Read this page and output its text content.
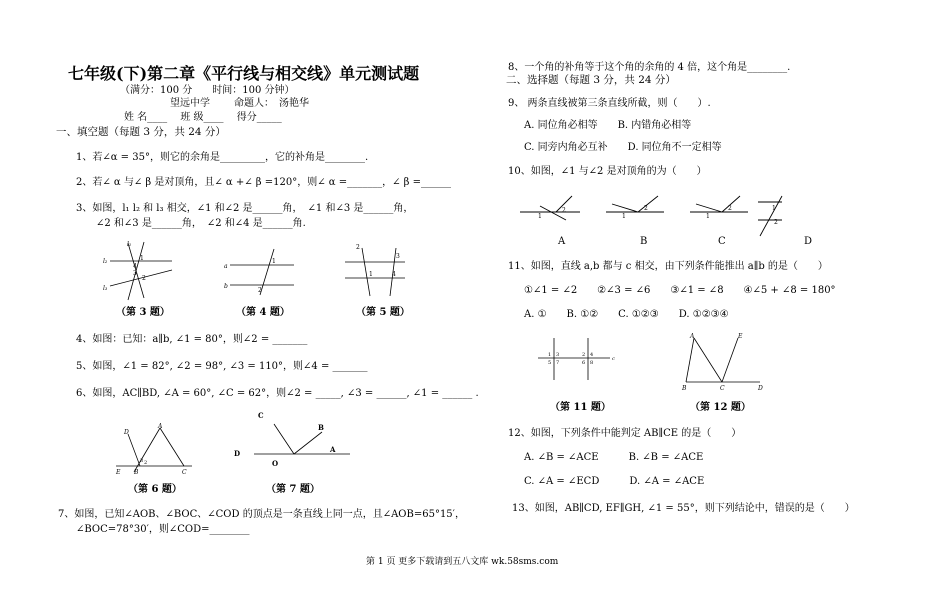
七年级(下)第二章《平行线与相交线》单元测试题
（满分：100 分　　时间：100 分钟）
望远中学 命题人：　汤艳华
姓 名____　 班 级____　 得分_____
一、填空题（每题 3 分，共 24 分）
1、若∠α = 35°，则它的余角是_________，它的补角是________.
2、若∠ α 与∠ β 是对顶角，且∠ α +∠ β =120°，则∠ α =_______，∠ β =______
3、如图，l₁ l₂ 和 l₃ 相交，∠1 和∠2 是______角，　∠1 和∠3 是______角，
∠2 和∠3 是______角，　∠2 和∠4 是______角.
l₁
l₂
l₃
4
1
3
2
（第 3 题）
a
b
1
2
（第 4 题）
2
3
1	4
（第 5 题）
4、如图：已知：a∥b, ∠1 = 80°，则∠2 = _______
5、如图，∠1 = 82°, ∠2 = 98°, ∠3 = 110°，则∠4 = _______
6、如图，AC∥BD, ∠A = 60°, ∠C = 62°，则∠2 = _____, ∠3 = ______, ∠1 = ______ .
D
A
E B	C
3 2
（第 6 题）
C
B
A
D
O
（第 7 题）
7、如图，已知∠AOB、∠BOC、∠COD 的顶点是一条直线上同一点，且∠AOB=65°15′，
∠BOC=78°30′，则∠COD=________
8、一个角的补角等于这个角的余角的 4 倍，这个角是________.
二、选择题（每题 3 分，共 24 分）
9、 两条直线被第三条直线所截，则（　　）.
A. 同位角必相等　　B. 内错角必相等
C. 同旁内角必互补　　D. 同位角不一定相等
10、如图，∠1 与∠2 是对顶角的为（　　）
1
2
1
2
1
2	1
2
A	B	C	D
11、如图，直线 a,b 都与 c 相交，由下列条件能推出 a∥b 的是（　　）
①∠1 = ∠2　　②∠3 = ∠6　　③∠1 = ∠8　　④∠5 + ∠8 = 180°
A. ①　　B. ①②　　C. ①②③　　D. ①②③④
1 3
5 7
2 4
6 8
c
（第 11 题）
A	E
B	C	D
（第 12 题）
12、如图，下列条件中能判定 AB∥CE 的是（　　）
A. ∠B = ∠ACE　　　B. ∠B = ∠ACE
C. ∠A = ∠ECD　　　D. ∠A = ∠ACE
13、如图，AB∥CD, EF∥GH, ∠1 = 55°，则下列结论中，错误的是（　　）
第 1 页 更多下载请到五八文库 wk.58sms.com
